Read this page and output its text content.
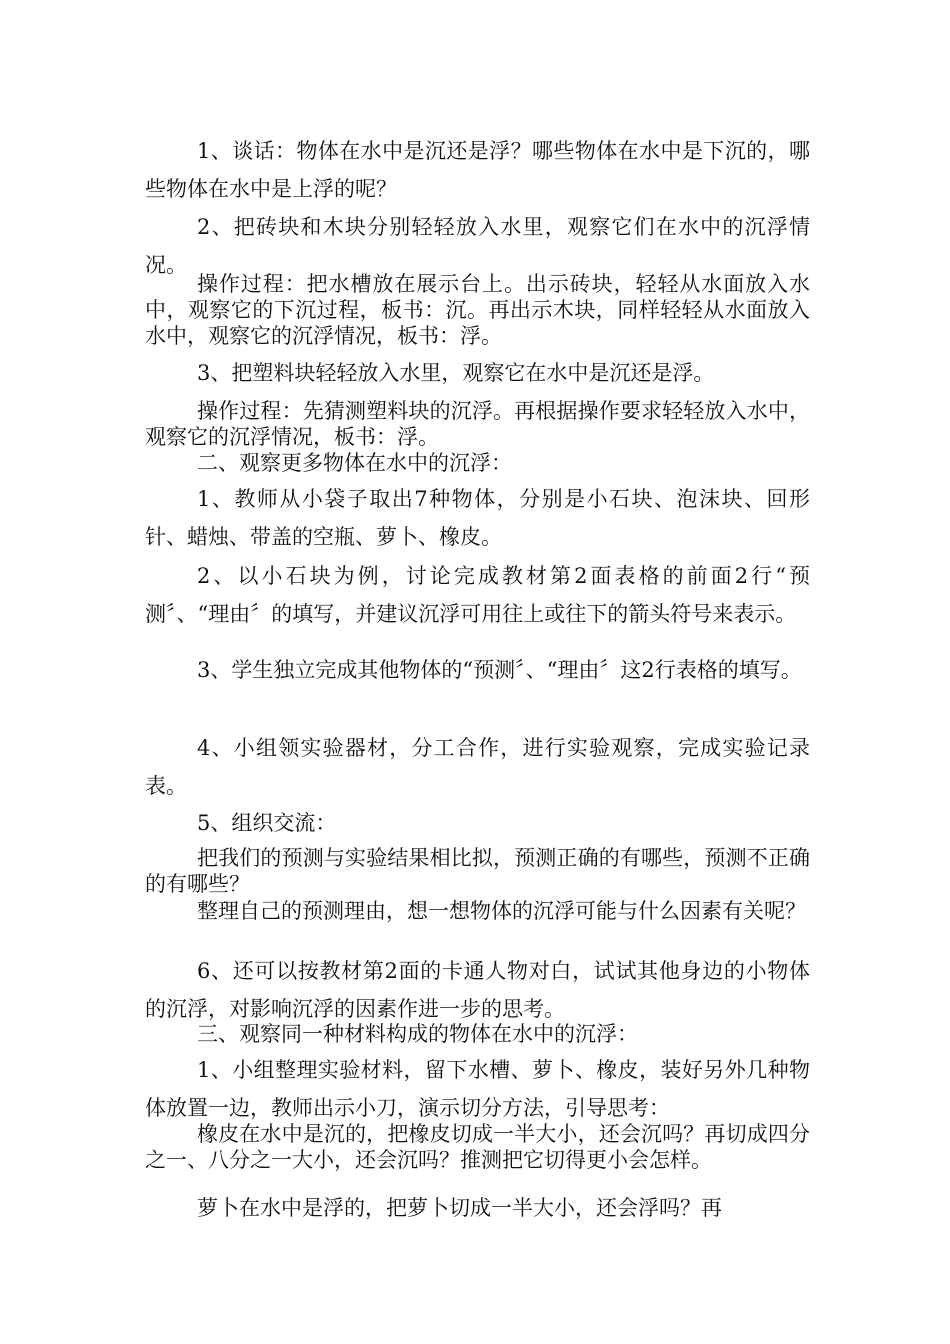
1、谈话：物体在水中是沉还是浮？哪些物体在水中是下沉的，哪些物体在水中是上浮的呢？

2、把砖块和木块分别轻轻放入水里，观察它们在水中的沉浮情况。

操作过程：把水槽放在展示台上。出示砖块，轻轻从水面放入水中，观察它的下沉过程，板书：沉。再出示木块，同样轻轻从水面放入水中，观察它的沉浮情况，板书：浮。

3、把塑料块轻轻放入水里，观察它在水中是沉还是浮。

操作过程：先猜测塑料块的沉浮。再根据操作要求轻轻放入水中，观察它的沉浮情况，板书：浮。

二、观察更多物体在水中的沉浮：

1、教师从小袋子取出7种物体，分别是小石块、泡沫块、回形针、蜡烛、带盖的空瓶、萝卜、橡皮。

2、以小石块为例，讨论完成教材第2面表格的前面2行“预测〞、“理由〞的填写，并建议沉浮可用往上或往下的箭头符号来表示。

3、学生独立完成其他物体的“预测〞、“理由〞这2行表格的填写。

4、小组领实验器材，分工合作，进行实验观察，完成实验记录表。

5、组织交流：

把我们的预测与实验结果相比拟，预测正确的有哪些，预测不正确的有哪些？

整理自己的预测理由，想一想物体的沉浮可能与什么因素有关呢？

6、还可以按教材第2面的卡通人物对白，试试其他身边的小物体的沉浮，对影响沉浮的因素作进一步的思考。

三、观察同一种材料构成的物体在水中的沉浮：

1、小组整理实验材料，留下水槽、萝卜、橡皮，装好另外几种物体放置一边，教师出示小刀，演示切分方法，引导思考：

橡皮在水中是沉的，把橡皮切成一半大小，还会沉吗？再切成四分之一、八分之一大小，还会沉吗？推测把它切得更小会怎样。

萝卜在水中是浮的，把萝卜切成一半大小，还会浮吗？再
